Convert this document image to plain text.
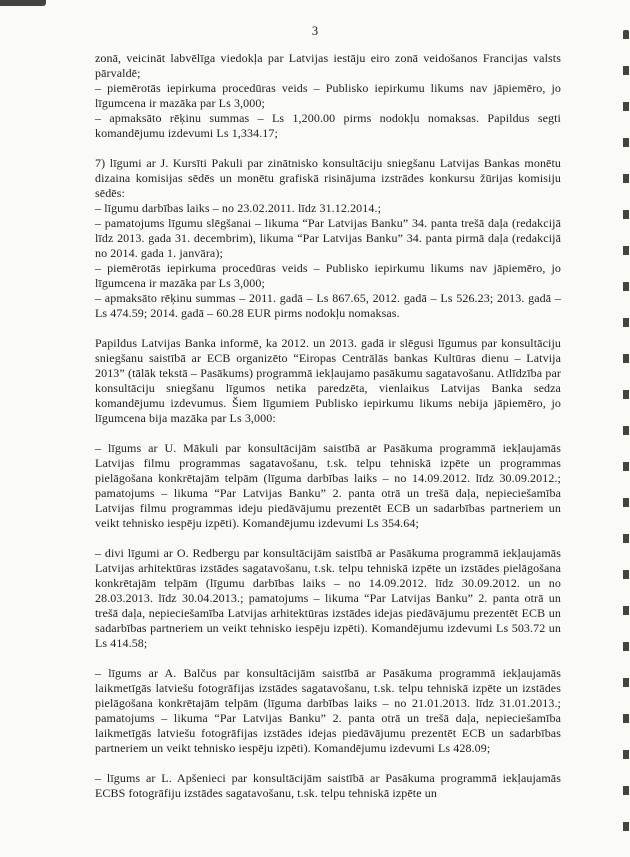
3

zonā, veicināt labvēlīga viedokļa par Latvijas iestāju eiro zonā veidošanos Francijas valsts pārvaldē;

– piemērotās iepirkuma procedūras veids – Publisko iepirkumu likums nav jāpiemēro, jo līgumcena ir mazāka par Ls 3,000;

– apmaksāto rēķinu summas – Ls 1,200.00 pirms nodokļu nomaksas. Papildus segti komandējumu izdevumi Ls 1,334.17;

7) līgumi ar J. Kursīti Pakuli par zinātnisko konsultāciju sniegšanu Latvijas Bankas monētu dizaina komisijas sēdēs un monētu grafiskā risinājuma izstrādes konkursu žūrijas komisiju sēdēs:

– līgumu darbības laiks – no 23.02.2011. līdz 31.12.2014.;

– pamatojums līgumu slēgšanai – likuma “Par Latvijas Banku” 34. panta trešā daļa (redakcijā līdz 2013. gada 31. decembrim), likuma “Par Latvijas Banku” 34. panta pirmā daļa (redakcijā no 2014. gada 1. janvāra);

– piemērotās iepirkuma procedūras veids – Publisko iepirkumu likums nav jāpiemēro, jo līgumcena ir mazāka par Ls 3,000;

– apmaksāto rēķinu summas – 2011. gadā – Ls 867.65, 2012. gadā – Ls 526.23; 2013. gadā – Ls 474.59; 2014. gadā – 60.28 EUR pirms nodokļu nomaksas.

Papildus Latvijas Banka informē, ka 2012. un 2013. gadā ir slēgusi līgumus par konsultāciju sniegšanu saistībā ar ECB organizēto “Eiropas Centrālās bankas Kultūras dienu – Latvija 2013” (tālāk tekstā – Pasākums) programmā iekļaujamo pasākumu sagatavošanu. Atlīdzība par konsultāciju sniegšanu līgumos netika paredzēta, vienlaikus Latvijas Banka sedza komandējumu izdevumus. Šiem līgumiem Publisko iepirkumu likums nebija jāpiemēro, jo līgumcena bija mazāka par Ls 3,000:

– līgums ar U. Mākuli par konsultācijām saistībā ar Pasākuma programmā iekļaujamās Latvijas filmu programmas sagatavošanu, t.sk. telpu tehniskā izpēte un programmas pielāgošana konkrētajām telpām (līguma darbības laiks – no 14.09.2012. līdz 30.09.2012.; pamatojums – likuma “Par Latvijas Banku” 2. panta otrā un trešā daļa, nepieciešamība Latvijas filmu programmas ideju piedāvājumu prezentēt ECB un sadarbības partneriem un veikt tehnisko iespēju izpēti). Komandējumu izdevumi Ls 354.64;

– divi līgumi ar O. Redbergu par konsultācijām saistībā ar Pasākuma programmā iekļaujamās Latvijas arhitektūras izstādes sagatavošanu, t.sk. telpu tehniskā izpēte un izstādes pielāgošana konkrētajām telpām (līgumu darbības laiks – no 14.09.2012. līdz 30.09.2012. un no 28.03.2013. līdz 30.04.2013.; pamatojums – likuma “Par Latvijas Banku” 2. panta otrā un trešā daļa, nepieciešamība Latvijas arhitektūras izstādes idejas piedāvājumu prezentēt ECB un sadarbības partneriem un veikt tehnisko iespēju izpēti). Komandējumu izdevumi Ls 503.72 un Ls 414.58;

– līgums ar A. Balčus par konsultācijām saistībā ar Pasākuma programmā iekļaujamās laikmetīgās latviešu fotogrāfijas izstādes sagatavošanu, t.sk. telpu tehniskā izpēte un izstādes pielāgošana konkrētajām telpām (līguma darbības laiks – no 21.01.2013. līdz 31.01.2013.; pamatojums – likuma “Par Latvijas Banku” 2. panta otrā un trešā daļa, nepieciešamība laikmetīgās latviešu fotogrāfijas izstādes idejas piedāvājumu prezentēt ECB un sadarbības partneriem un veikt tehnisko iespēju izpēti). Komandējumu izdevumi Ls 428.09;

– līgums ar L. Apšenieci par konsultācijām saistībā ar Pasākuma programmā iekļaujamās ECBS fotogrāfiju izstādes sagatavošanu, t.sk. telpu tehniskā izpēte un
